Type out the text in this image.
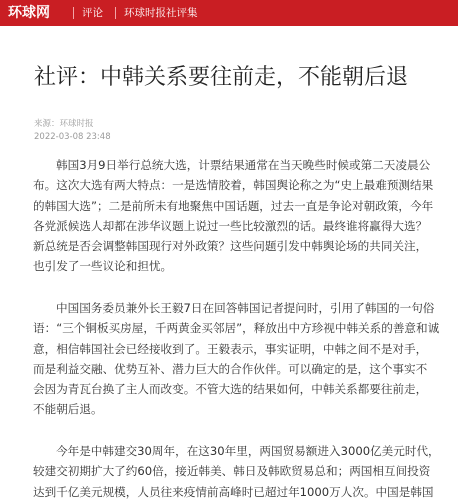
环球网	评论 环球时报社评集
社评：中韩关系要往前走，不能朝后退
来源：环球时报
2022-03-08 23:48
韩国3月9日举行总统大选，计票结果通常在当天晚些时候或第二天凌晨公
布。这次大选有两大特点：一是选情胶着，韩国舆论称之为“史上最难预测结果
的韩国大选”；二是前所未有地聚焦中国话题，过去一直是争论对朝政策，今年
各党派候选人却都在涉华议题上说过一些比较激烈的话。最终谁将赢得大选？
新总统是否会调整韩国现行对外政策？这些问题引发中韩舆论场的共同关注，
也引发了一些议论和担忧。
中国国务委员兼外长王毅7日在回答韩国记者提问时，引用了韩国的一句俗
语：“三个铜板买房屋，千两黄金买邻居”，释放出中方珍视中韩关系的善意和诚
意，相信韩国社会已经接收到了。王毅表示，事实证明，中韩之间不是对手，
而是利益交融、优势互补、潜力巨大的合作伙伴。可以确定的是，这个事实不
会因为青瓦台换了主人而改变。不管大选的结果如何，中韩关系都要往前走，
不能朝后退。
今年是中韩建交30周年，在这30年里，两国贸易额进入3000亿美元时代，
较建交初期扩大了约60倍，接近韩美、韩日及韩欧贸易总和；两国相互间投资
达到千亿美元规模，人员往来疫情前高峰时已超过年1000万人次。中国是韩国
